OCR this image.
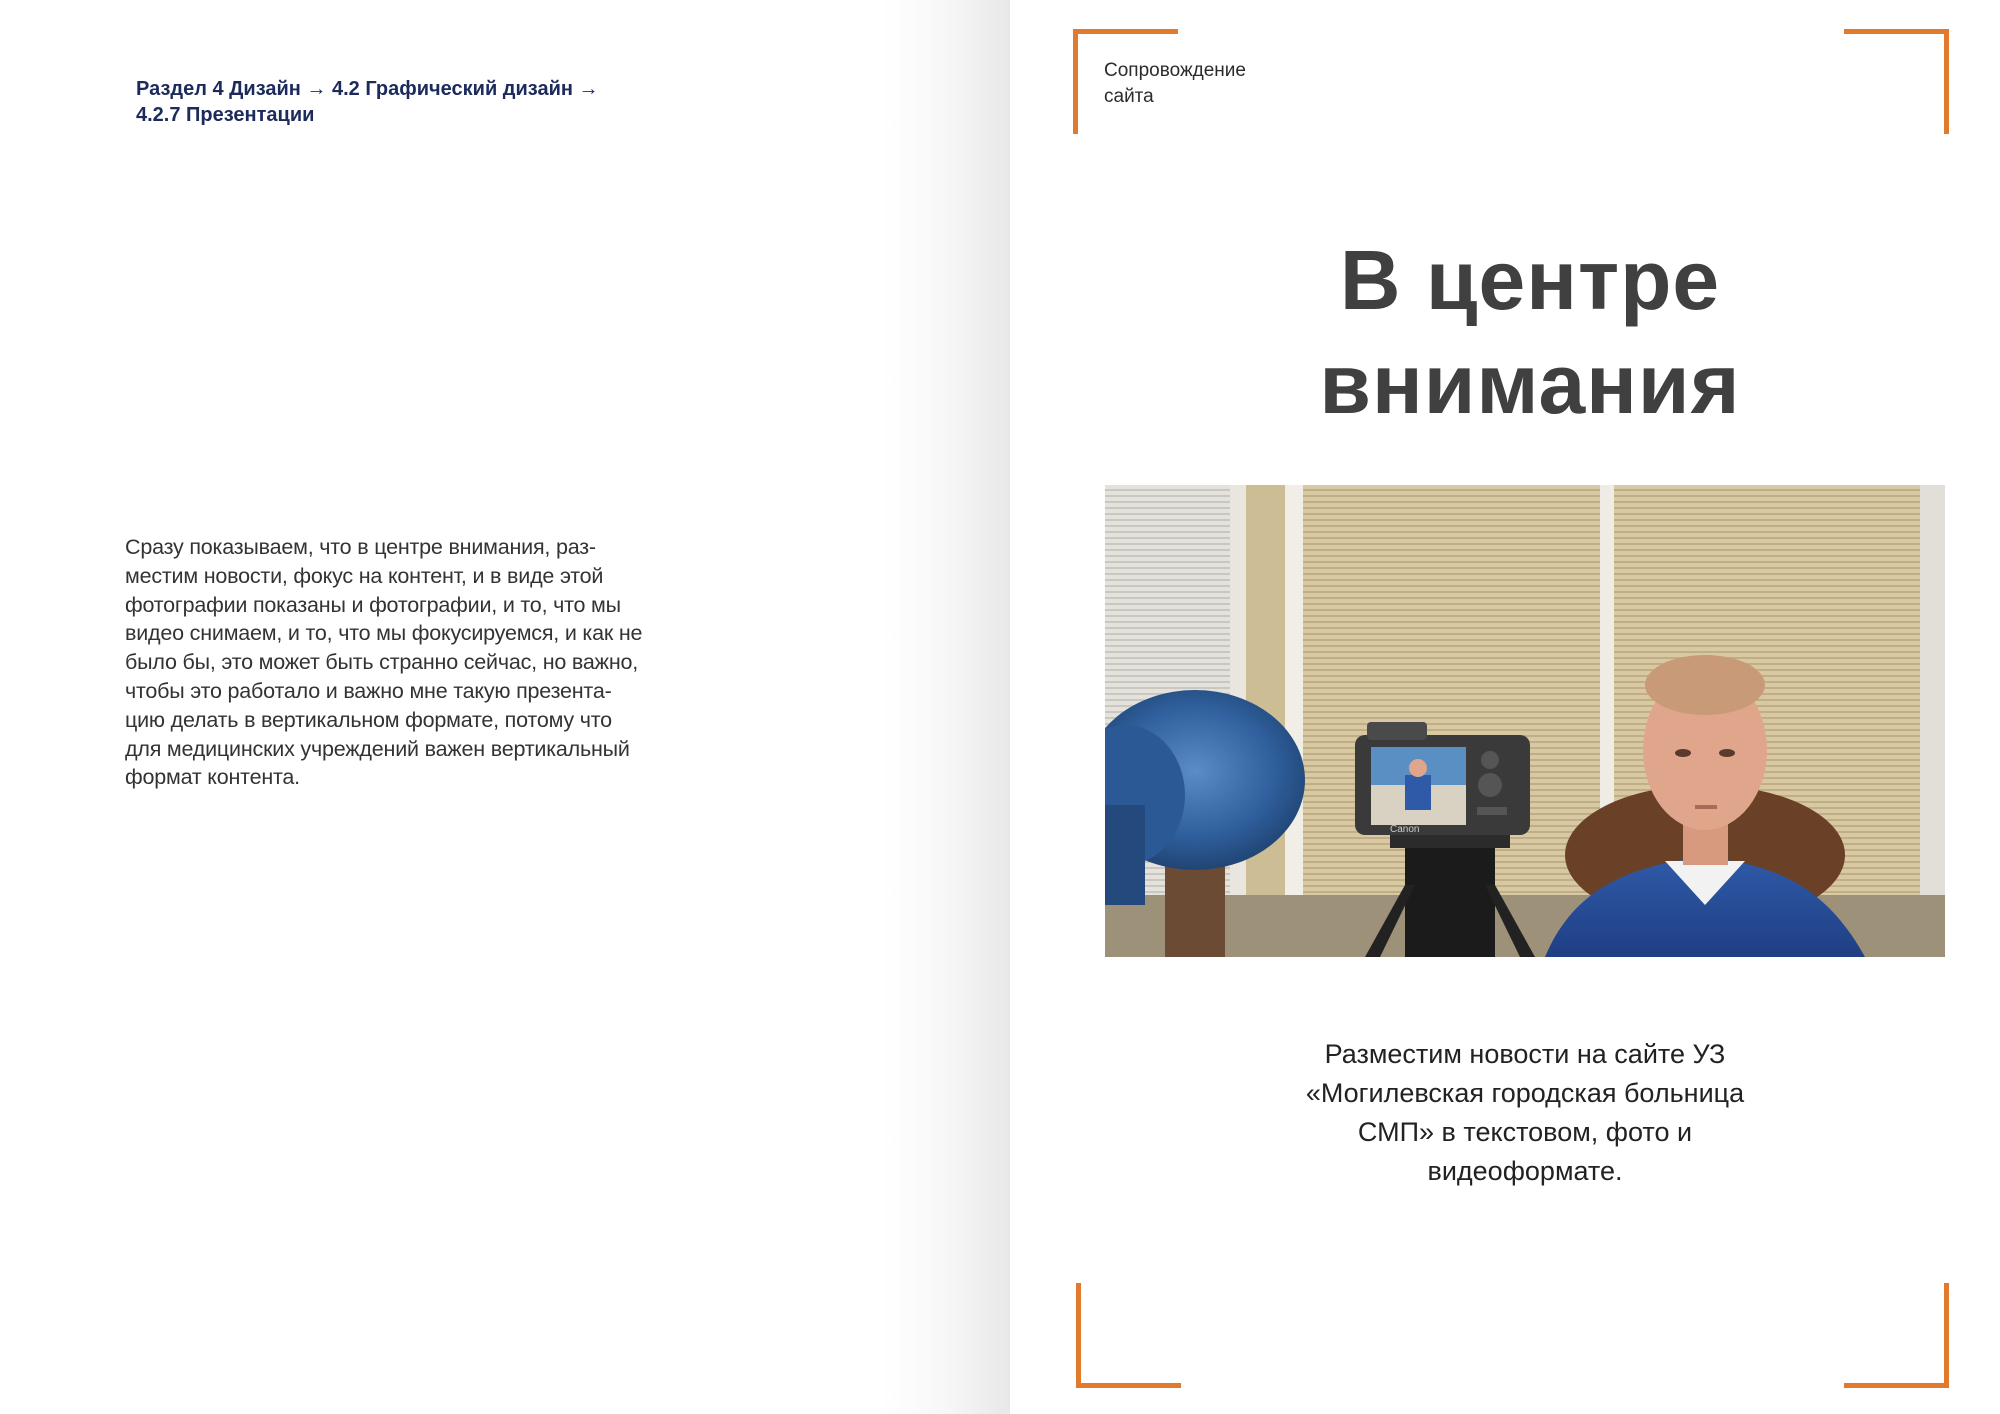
Раздел 4 Дизайн → 4.2 Графический дизайн →
4.2.7 Презентации
Сразу показываем, что в центре внимания, раз-
местим новости, фокус на контент, и в виде этой
фотографии показаны и фотографии, и то, что мы
видео снимаем, и то, что мы фокусируемся, и как не
было бы, это может быть странно сейчас, но важно,
чтобы это работало и важно мне такую презента-
цию делать в вертикальном формате, потому что
для медицинских учреждений важен вертикальный
формат контента.
Сопровождение
сайта
В центре
внимания
Canon
Разместим новости на сайте УЗ
«Могилевская городская больница
СМП» в текстовом, фото и
видеоформате.
